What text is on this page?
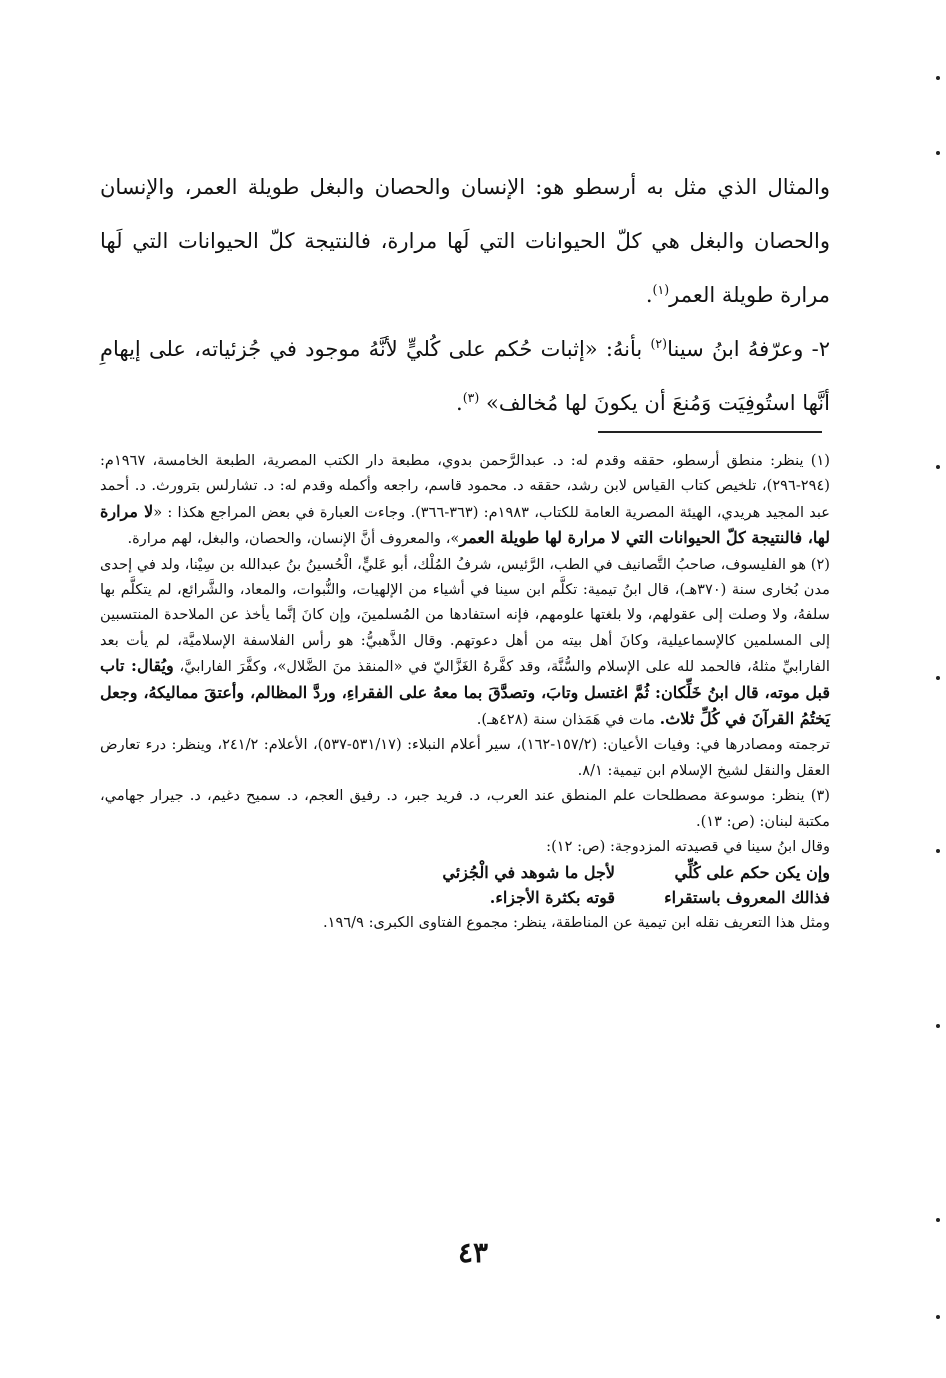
والمثال الذي مثل به أرسطو هو: الإنسان والحصان والبغل طويلة العمر، والإنسان والحصان والبغل هي كلّ الحيوانات التي لَها مرارة، فالنتيجة كلّ الحيوانات التي لَها مرارة طويلة العمر$^{(١)}$.

٢- وعرّفهُ ابنُ سينا$^{(٢)}$ بأنهُ: «إثبات حُكم على كُليٍّ لأنَّهُ موجود في جُزئياته، على إيهامِ أنَّها استُوفِيَت وَمُنعَ أن يكونَ لها مُخالف» $^{(٣)}$.

(١) ينظر: منطق أرسطو، حققه وقدم له: د. عبدالرَّحمن بدوي، مطبعة دار الكتب المصرية، الطبعة الخامسة، ١٩٦٧م: (٢٩٤-٢٩٦)، تلخيص كتاب القياس لابن رشد، حققه د. محمود قاسم، راجعه وأكمله وقدم له: د. تشارلس بترورث. د. أحمد عبد المجيد هريدي، الهيئة المصرية العامة للكتاب، ١٩٨٣م: (٣٦٣-٣٦٦). وجاءت العبارة في بعض المراجع هكذا : «لا مرارة لها، فالنتيجة كلّ الحيوانات التي لا مرارة لها طويلة العمر»، والمعروف أنَّ الإنسان، والحصان، والبغل، لهم مرارة.

(٢) هو الفليسوف، صاحبُ التَّصانيف في الطب، الرَّئيس، شرفُ المُلْك، أبو عَليٍّ، الْحُسينُ بنُ عبدالله بن سِيْنا، ولد في إحدى مدن بُخارى سنة (٣٧٠هـ)، قال ابنُ تيمية: تكلَّم ابن سينا في أشياء من الإلهيات، والنُّبوات، والمعاد، والشَّرائع، لم يتكلَّم بها سلفهُ، ولا وصلت إلى عقولهم، ولا بلغتها علومهم، فإنه استفادها من المُسلمينَ، وإن كانَ إنَّما يأخذ عن الملاحدة المنتسبين إلى المسلمين كالإسماعيلية، وكانَ أهل بيته من أهل دعوتهم. وقال الذَّهبيُّ: هو رأس الفلاسفة الإسلاميَّة، لم يأت بعد الفارابيِّ مثلهُ، فالحمد لله على الإسلام والسُّنَّة، وقد كفَّرهُ الغَزَّاليّ في «المنقذ منَ الضَّلال»، وكفَّرَ الفارابيَّ، ويُقال: تاب قبل موته، قال ابنُ خَلِّكان: ثُمَّ اغتسل وتابَ، وتصدَّقَ بما معهُ على الفقراءِ، وردَّ المظالم، وأعتقَ مماليكهُ، وجعل يَختُمُ القرآنَ في كُلِّ ثلاث. مات في هَمَذان سنة (٤٢٨هـ).

ترجمته ومصادرها في: وفيات الأعيان: (١٥٧/٢-١٦٢)، سير أعلام النبلاء: (٥٣١/١٧-٥٣٧)، الأعلام: ٢٤١/٢، وينظر: درء تعارض العقل والنقل لشيخ الإسلام ابن تيمية: ٨/١.

(٣) ينظر: موسوعة مصطلحات علم المنطق عند العرب، د. فريد جبر، د. رفيق العجم، د. سميح دغيم، د. جيرار جهامي، مكتبة لبنان: (ص: ١٣).

وقال ابنُ سينا في قصيدته المزدوجة: (ص: ١٢):

وإن يكن حكم على كُلِّيلأجل ما شوهد في الْجُزئي
فذالك المعروف باستقراءقوته بكثرة الأجزاء.

ومثل هذا التعريف نقله ابن تيمية عن المناطقة، ينظر: مجموع الفتاوى الكبرى: ١٩٦/٩.

٤٣
